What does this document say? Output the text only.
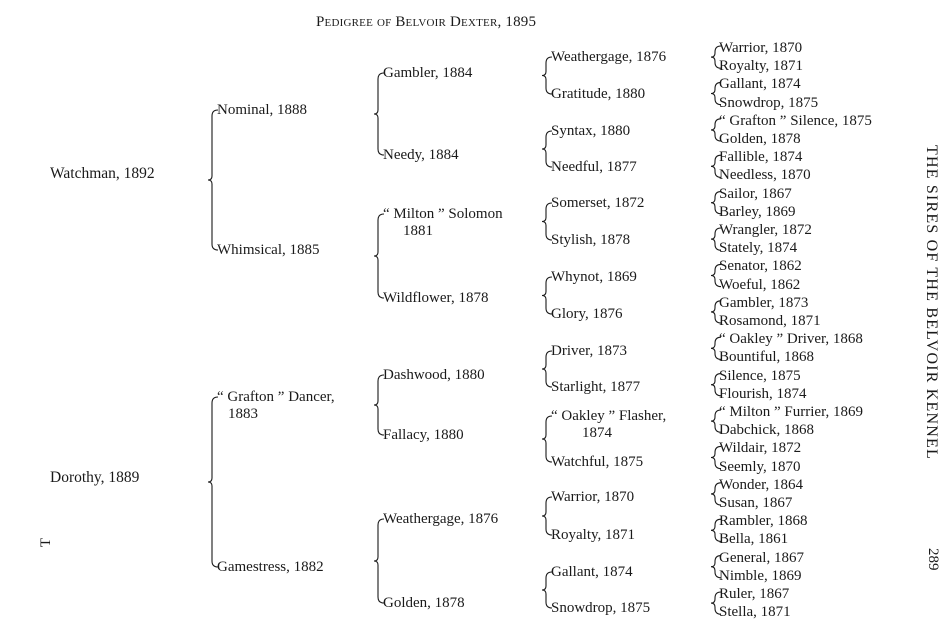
Pedigree of Belvoir Dexter, 1895
THE SIRES OF THE BELVOIR KENNEL
289
T
Watchman, 1892
Dorothy, 1889
Nominal, 1888
Whimsical, 1885
“ Grafton ” Dancer,
1883
Gamestress, 1882
Gambler, 1884
Needy, 1884
“ Milton ” Solomon
1881
Wildflower, 1878
Dashwood, 1880
Fallacy, 1880
Weathergage, 1876
Golden, 1878
Weathergage, 1876
Gratitude, 1880
Syntax, 1880
Needful, 1877
Somerset, 1872
Stylish, 1878
Whynot, 1869
Glory, 1876
Driver, 1873
Starlight, 1877
“ Oakley ” Flasher,
1874
Watchful, 1875
Warrior, 1870
Royalty, 1871
Gallant, 1874
Snowdrop, 1875
Warrior, 1870
Royalty, 1871
Gallant, 1874
Snowdrop, 1875
“ Grafton ” Silence, 1875
Golden, 1878
Fallible, 1874
Needless, 1870
Sailor, 1867
Barley, 1869
Wrangler, 1872
Stately, 1874
Senator, 1862
Woeful, 1862
Gambler, 1873
Rosamond, 1871
“ Oakley ” Driver, 1868
Bountiful, 1868
Silence, 1875
Flourish, 1874
“ Milton ” Furrier, 1869
Dabchick, 1868
Wildair, 1872
Seemly, 1870
Wonder, 1864
Susan, 1867
Rambler, 1868
Bella, 1861
General, 1867
Nimble, 1869
Ruler, 1867
Stella, 1871
